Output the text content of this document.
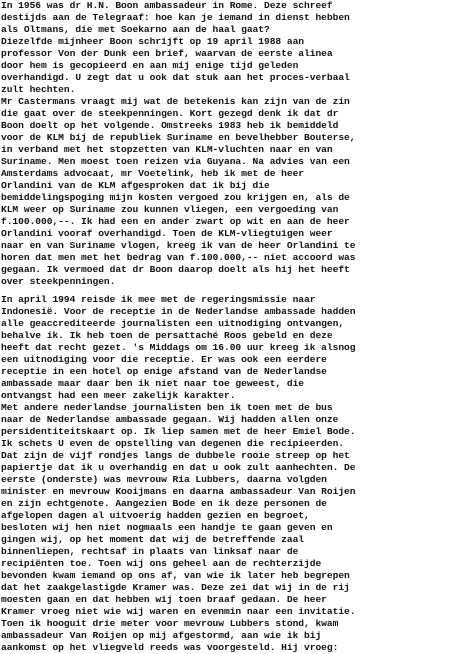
In 1956 was dr H.N. Boon ambassadeur in Rome. Deze schreef

destijds aan de Telegraaf: hoe kan je iemand in dienst hebben

als Oltmans, die met Soekarno aan de haal gaat?

Diezelfde mijnheer Boon schrijft op 19 april 1988 aan

professor Von der Dunk een brief, waarvan de eerste alinea

door hem is gecopieerd en aan mij enige tijd geleden

overhandigd. U zegt dat u ook dat stuk aan het proces-verbaal

zult hechten.

Mr Castermans vraagt mij wat de betekenis kan zijn van de zin

die gaat over de steekpenningen. Kort gezegd denk ik dat dr

Boon doelt op het volgende. Omstreeks 1983 heb ik bemiddeld

voor de KLM bij de republiek Suriname en bevelhebber Bouterse,

in verband met het stopzetten van KLM-vluchten naar en van

Suriname. Men moest toen reizen via Guyana. Na advies van een

Amsterdams advocaat, mr Voetelink, heb ik met de heer

Orlandini van de KLM afgesproken dat ik bij die

bemiddelingspoging mijn kosten vergoed zou krijgen en, als de

KLM weer op Suriname zou kunnen vliegen, een vergoeding van

f.100.000,--. Ik had een en ander zwart op wit en aan de heer

Orlandini vooraf overhandigd. Toen de KLM-vliegtuigen weer

naar en van Suriname vlogen, kreeg ik van de heer Orlandini te

horen dat men met het bedrag van f.100.000,-- niet accoord was

gegaan. Ik vermoed dat dr Boon daarop doelt als hij het heeft

over steekpenningen.

In april 1994 reisde ik mee met de regeringsmissie naar

Indonesië. Voor de receptie in de Nederlandse ambassade hadden

alle geaccrediteerde journalisten een uitnodiging ontvangen,

behalve ik. Ik heb toen de persattaché Roos gebeld en deze

heeft dat recht gezet. 's Middags om 16.00 uur kreeg ik alsnog

een uitnodiging voor die receptie. Er was ook een eerdere

receptie in een hotel op enige afstand van de Nederlandse

ambassade maar daar ben ik niet naar toe geweest, die

ontvangst had een meer zakelijk karakter.

Met andere nederlandse journalisten ben ik toen met de bus

naar de Nederlandse ambassade gegaan. Wij hadden allen onze

persidentiteitskaart op. Ik liep samen met de heer Emiel Bode.

Ik schets U even de opstelling van degenen die recipieerden.

Dat zijn de vijf rondjes langs de dubbele rooie streep op het

papiertje dat ik u overhandig en dat u ook zult aanhechten. De

eerste (onderste) was mevrouw Ria Lubbers, daarna volgden

minister en mevrouw Kooijmans en daarna ambassadeur Van Roijen

en zijn echtgenote. Aangezien Bode en ik deze personen de

afgelopen dagen al uitvoerig hadden gezien en begroet,

besloten wij hen niet nogmaals een handje te gaan geven en

gingen wij, op het moment dat wij de betreffende zaal

binnenliepen, rechtsaf in plaats van linksaf naar de

recipiënten toe. Toen wij ons geheel aan de rechterzijde

bevonden kwam iemand op ons af, van wie ik later heb begrepen

dat het zaakgelastigde Kramer was. Deze zei dat wij in de rij

moesten gaan en dat hebben wij toen braaf gedaan. De heer

Kramer vroeg niet wie wij waren en evenmin naar een invitatie.

Toen ik hooguit drie meter voor mevrouw Lubbers stond, kwam

ambassadeur Van Roijen op mij afgestormd, aan wie ik bij

aankomst op het vliegveld reeds was voorgesteld. Hij vroeg:
